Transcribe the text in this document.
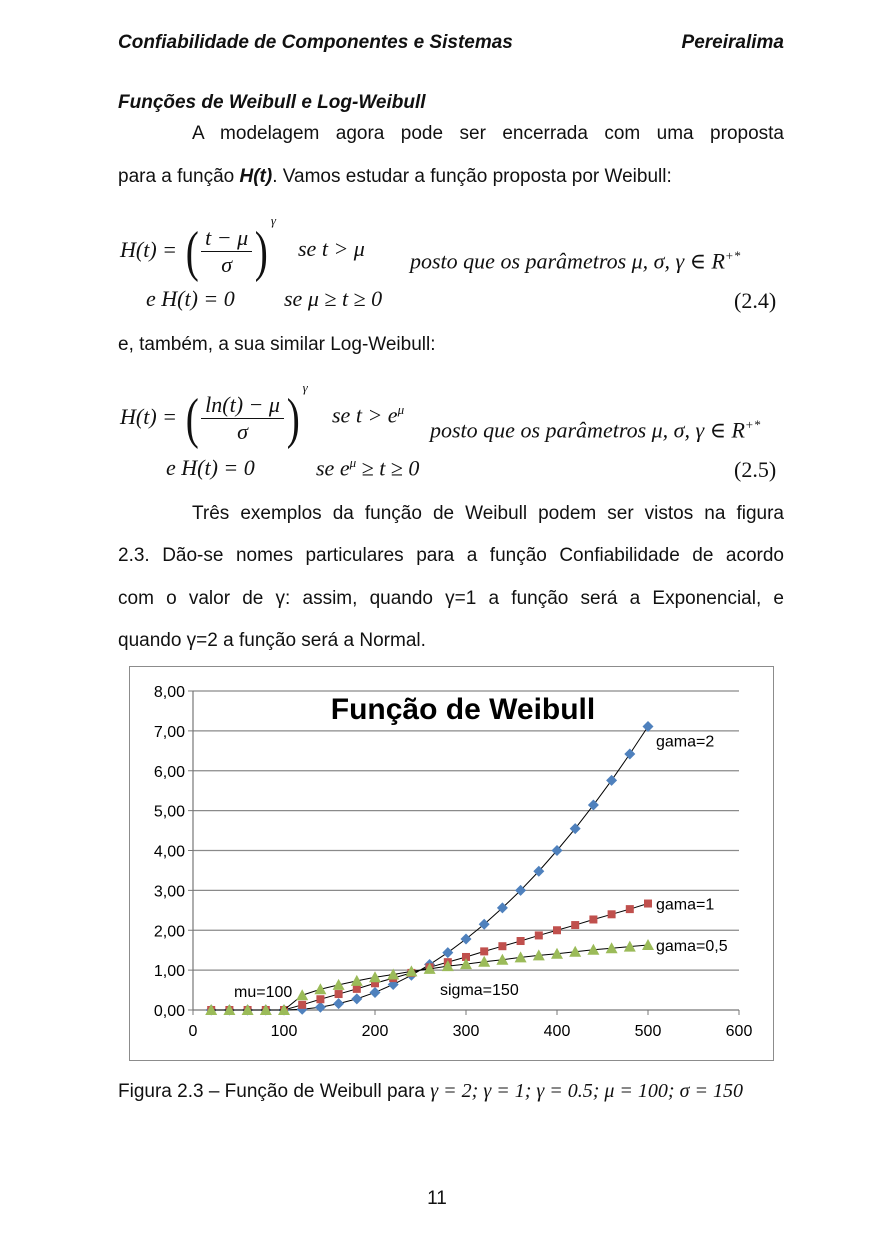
Confiabilidade de Componentes e Sistemas	Pereiralima
Funções de Weibull e Log-Weibull
A modelagem agora pode ser encerrada com uma proposta
para a função H(t). Vamos estudar a função proposta por Weibull:
H(t) = ( $\frac{t - \mu}{\sigma} )^\gamma$
se t > μ posto que os parâmetros μ, σ, γ ∈ R+*
e H(t) = 0 se μ ≥ t ≥ 0	(2.4)
e, também, a sua similar Log-Weibull:
H(t) = ( $\frac{\ln(t) - \mu}{\sigma} )^\gamma$
se $t > e^\mu$
posto que os parâmetros μ, σ, γ ∈ R+*
e H(t) = 0	se $e^\mu \ge t \ge 0$	(2.5)
Três exemplos da função de Weibull podem ser vistos na figura
2.3. Dão-se nomes particulares para a função Confiabilidade de acordo
com o valor de γ: assim, quando γ=1 a função será a Exponencial, e
quando γ=2 a função será a Normal.
0,00
1,00
2,00
3,00
4,00
5,00
6,00
7,00
8,00
0	100	200	300	400	500	600
Função de Weibull
gama=2
gama=1
gama=0,5
mu=100	sigma=150
Figura 2.3 – Função de Weibull para γ = 2; γ = 1; γ = 0.5; μ = 100; σ = 150
11
